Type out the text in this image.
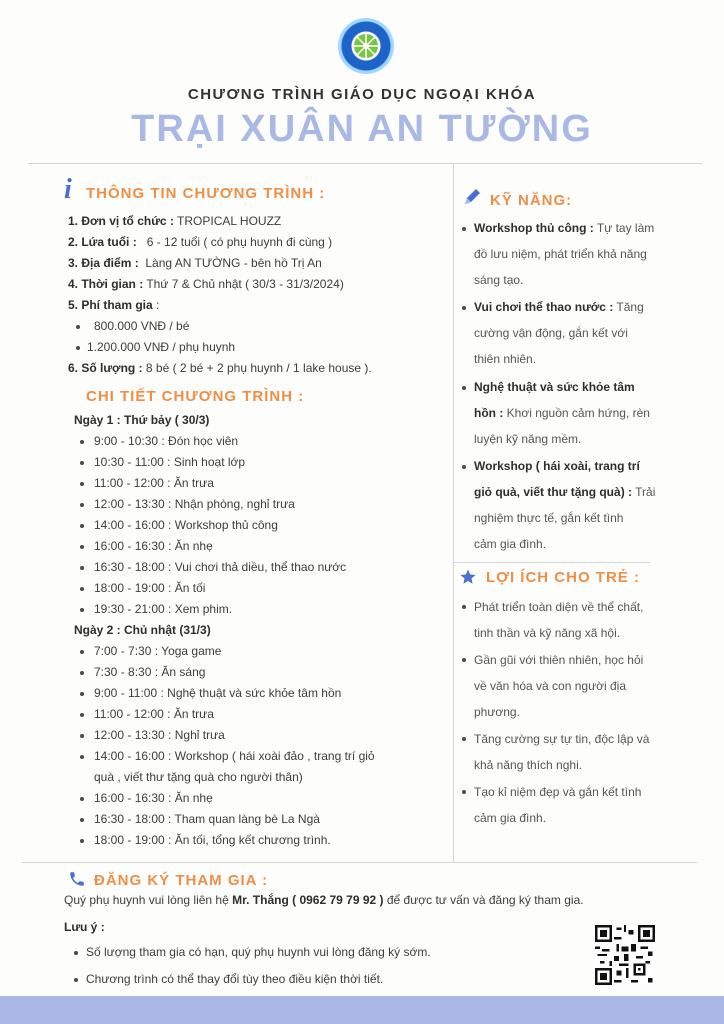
CHƯƠNG TRÌNH GIÁO DỤC NGOẠI KHÓA
TRẠI XUÂN AN TƯỜNG
i THÔNG TIN CHƯƠNG TRÌNH :
1. Đơn vị tổ chức : TROPICAL HOUZZ
2. Lứa tuổi : 6 - 12 tuổi ( có phụ huynh đi cùng )
3. Địa điểm : Làng AN TƯỜNG - bên hồ Trị An
4. Thời gian : Thứ 7 & Chủ nhật ( 30/3 - 31/3/2024)
5. Phí tham gia :
800.000 VNĐ / bé
1.200.000 VNĐ / phụ huynh
6. Số lượng : 8 bé ( 2 bé + 2 phụ huynh / 1 lake house ).
CHI TIẾT CHƯƠNG TRÌNH :
Ngày 1 : Thứ bảy ( 30/3)
9:00 - 10:30 : Đón học viên
10:30 - 11:00 : Sinh hoạt lớp
11:00 - 12:00 : Ăn trưa
12:00 - 13:30 : Nhận phòng, nghỉ trưa
14:00 - 16:00 : Workshop thủ công
16:00 - 16:30 : Ăn nhẹ
16:30 - 18:00 : Vui chơi thả diều, thể thao nước
18:00 - 19:00 : Ăn tối
19:30 - 21:00 : Xem phim.
Ngày 2 : Chủ nhật (31/3)
7:00 - 7:30 : Yoga game
7:30 - 8:30 : Ăn sáng
9:00 - 11:00 : Nghệ thuật và sức khỏe tâm hồn
11:00 - 12:00 : Ăn trưa
12:00 - 13:30 : Nghỉ trưa
14:00 - 16:00 : Workshop ( hái xoài đảo , trang trí giỏ
quà , viết thư tặng quà cho người thân)
16:00 - 16:30 : Ăn nhẹ
16:30 - 18:00 : Tham quan làng bè La Ngà
18:00 - 19:00 : Ăn tối, tổng kết chương trình.
KỸ NĂNG:
Workshop thủ công : Tự tay làm
đồ lưu niệm, phát triển khả năng
sáng tạo.
Vui chơi thể thao nước : Tăng
cường vận động, gắn kết với
thiên nhiên.
Nghệ thuật và sức khỏe tâm
hồn : Khơi nguồn cảm hứng, rèn
luyện kỹ năng mềm.
Workshop ( hái xoài, trang trí
giỏ quà, viết thư tặng quà) : Trải
nghiệm thực tế, gắn kết tình
cảm gia đình.
LỢI ÍCH CHO TRẺ :
Phát triển toàn diện về thể chất,
tinh thần và kỹ năng xã hội.
Gần gũi với thiên nhiên, học hỏi
về văn hóa và con người địa
phương.
Tăng cường sự tự tin, độc lập và
khả năng thích nghi.
Tạo kỉ niệm đẹp và gắn kết tình
cảm gia đình.
ĐĂNG KÝ THAM GIA :
Quý phụ huynh vui lòng liên hệ Mr. Thắng ( 0962 79 79 92 ) để được tư vấn và đăng ký tham gia.
Lưu ý :
Số lượng tham gia có hạn, quý phụ huynh vui lòng đăng ký sớm.
Chương trình có thể thay đổi tùy theo điều kiện thời tiết.
